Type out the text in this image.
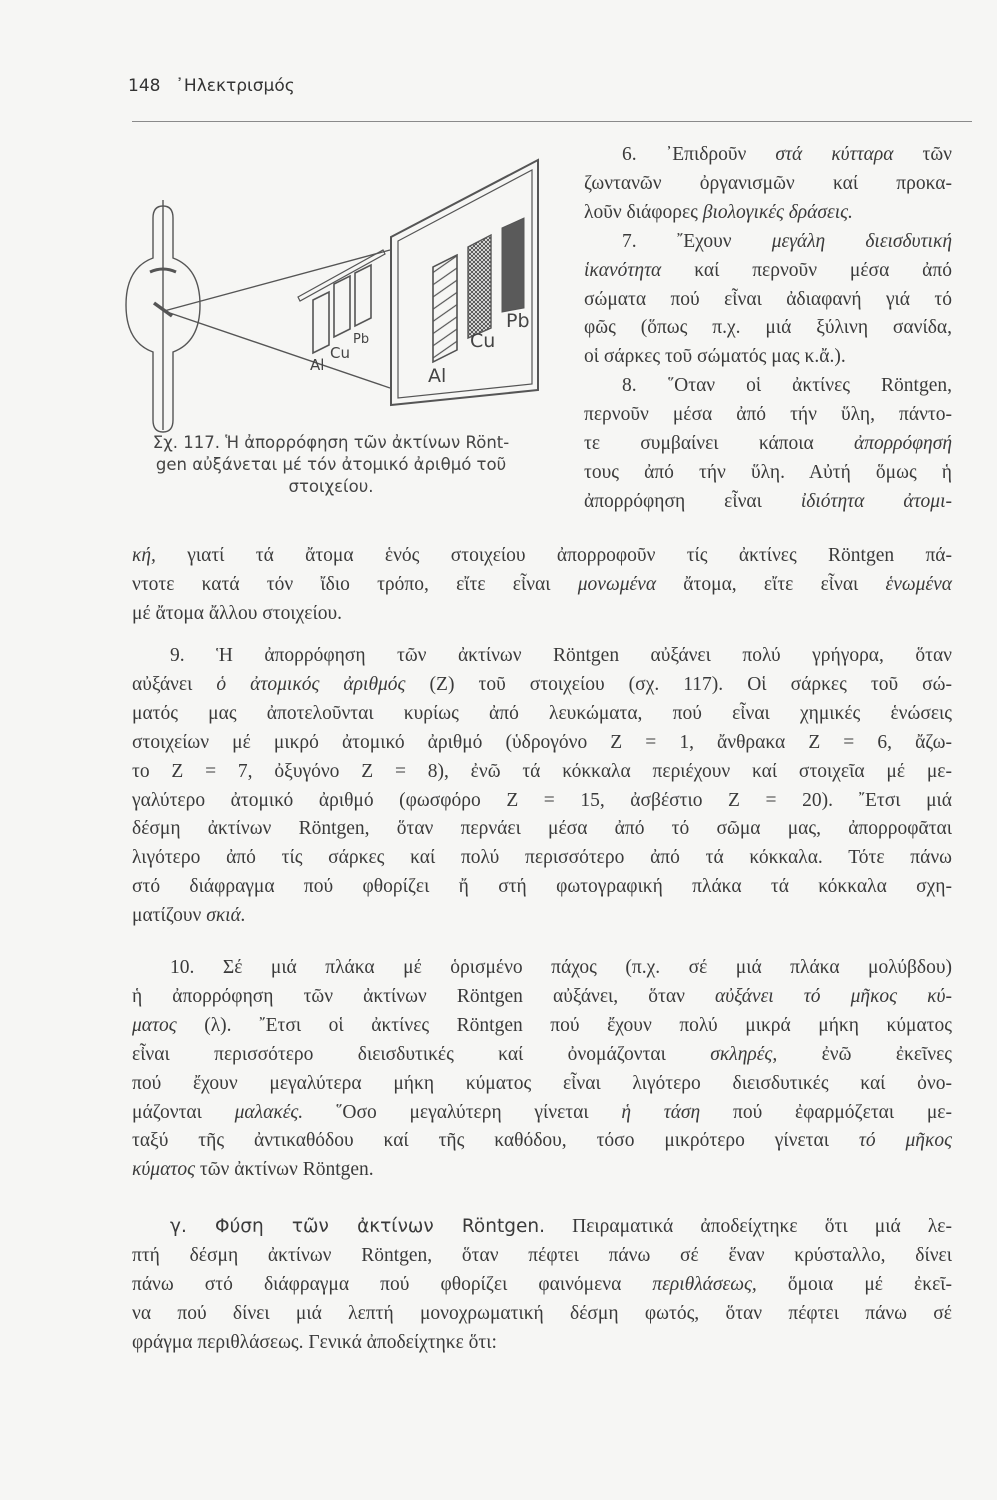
148 ᾿Ηλεκτρισμός
Al
Cu
Pb
Al
Cu
Pb
Σχ. 117. Ἡ ἀπορρόφηση τῶν ἀκτίνων Rönt-
gen αὐξάνεται μέ τόν ἀτομικό ἀριθμό τοῦ
στοιχείου.
6. ᾿Επιδροῦν στά κύτταρα τῶν
ζωντανῶν ὀργανισμῶν καί προκα-
λοῦν διάφορες βιολογικές δράσεις.
7. ῎Εχουν μεγάλη διεισδυτική
ἱκανότητα καί περνοῦν μέσα ἀπό
σώματα πού εἶναι ἀδιαφανή γιά τό
φῶς (ὅπως π.χ. μιά ξύλινη σανίδα,
οἱ σάρκες τοῦ σώματός μας κ.ἄ.).
8. ῞Οταν οἱ ἀκτίνες Röntgen,
περνοῦν μέσα ἀπό τήν ὕλη, πάντο-
τε συμβαίνει κάποια ἀπορρόφησή
τους ἀπό τήν ὕλη. Αὐτή ὅμως ἡ
ἀπορρόφηση εἶναι ἰδιότητα ἀτομι-
κή, γιατί τά ἄτομα ἑνός στοιχείου ἀπορροφοῦν τίς ἀκτίνες Röntgen πά-
ντοτε κατά τόν ἴδιο τρόπο, εἴτε εἶναι μονωμένα ἄτομα, εἴτε εἶναι ἑνωμένα
μέ ἄτομα ἄλλου στοιχείου.
9. Ἡ ἀπορρόφηση τῶν ἀκτίνων Röntgen αὐξάνει πολύ γρήγορα, ὅταν
αὐξάνει ὁ ἀτομικός ἀριθμός (Z) τοῦ στοιχείου (σχ. 117). Οἱ σάρκες τοῦ σώ-
ματός μας ἀποτελοῦνται κυρίως ἀπό λευκώματα, πού εἶναι χημικές ἑνώσεις
στοιχείων μέ μικρό ἀτομικό ἀριθμό (ὑδρογόνο Z = 1, ἄνθρακα Z = 6, ἄζω-
το Z = 7, ὀξυγόνο Z = 8), ἐνῶ τά κόκκαλα περιέχουν καί στοιχεῖα μέ με-
γαλύτερο ἀτομικό ἀριθμό (φωσφόρο Z = 15, ἀσβέστιο Z = 20). ῎Ετσι μιά
δέσμη ἀκτίνων Röntgen, ὅταν περνάει μέσα ἀπό τό σῶμα μας, ἀπορροφᾶται
λιγότερο ἀπό τίς σάρκες καί πολύ περισσότερο ἀπό τά κόκκαλα. Τότε πάνω
στό διάφραγμα πού φθορίζει ἤ στή φωτογραφική πλάκα τά κόκκαλα σχη-
ματίζουν σκιά.
10. Σέ μιά πλάκα μέ ὁρισμένο πάχος (π.χ. σέ μιά πλάκα μολύβδου)
ἡ ἀπορρόφηση τῶν ἀκτίνων Röntgen αὐξάνει, ὅταν αὐξάνει τό μῆκος κύ-
ματος (λ). ῎Ετσι οἱ ἀκτίνες Röntgen πού ἔχουν πολύ μικρά μήκη κύματος
εἶναι περισσότερο διεισδυτικές καί ὀνομάζονται σκληρές, ἐνῶ ἐκεῖνες
πού ἔχουν μεγαλύτερα μήκη κύματος εἶναι λιγότερο διεισδυτικές καί ὀνο-
μάζονται μαλακές. ῞Οσο μεγαλύτερη γίνεται ἡ τάση πού ἐφαρμόζεται με-
ταξύ τῆς ἀντικαθόδου καί τῆς καθόδου, τόσο μικρότερο γίνεται τό μῆκος
κύματος τῶν ἀκτίνων Röntgen.
γ. Φύση τῶν ἀκτίνων Röntgen. Πειραματικά ἀποδείχτηκε ὅτι μιά λε-
πτή δέσμη ἀκτίνων Röntgen, ὅταν πέφτει πάνω σέ ἕναν κρύσταλλο, δίνει
πάνω στό διάφραγμα πού φθορίζει φαινόμενα περιθλάσεως, ὅμοια μέ ἐκεῖ-
να πού δίνει μιά λεπτή μονοχρωματική δέσμη φωτός, ὅταν πέφτει πάνω σέ
φράγμα περιθλάσεως. Γενικά ἀποδείχτηκε ὅτι:
